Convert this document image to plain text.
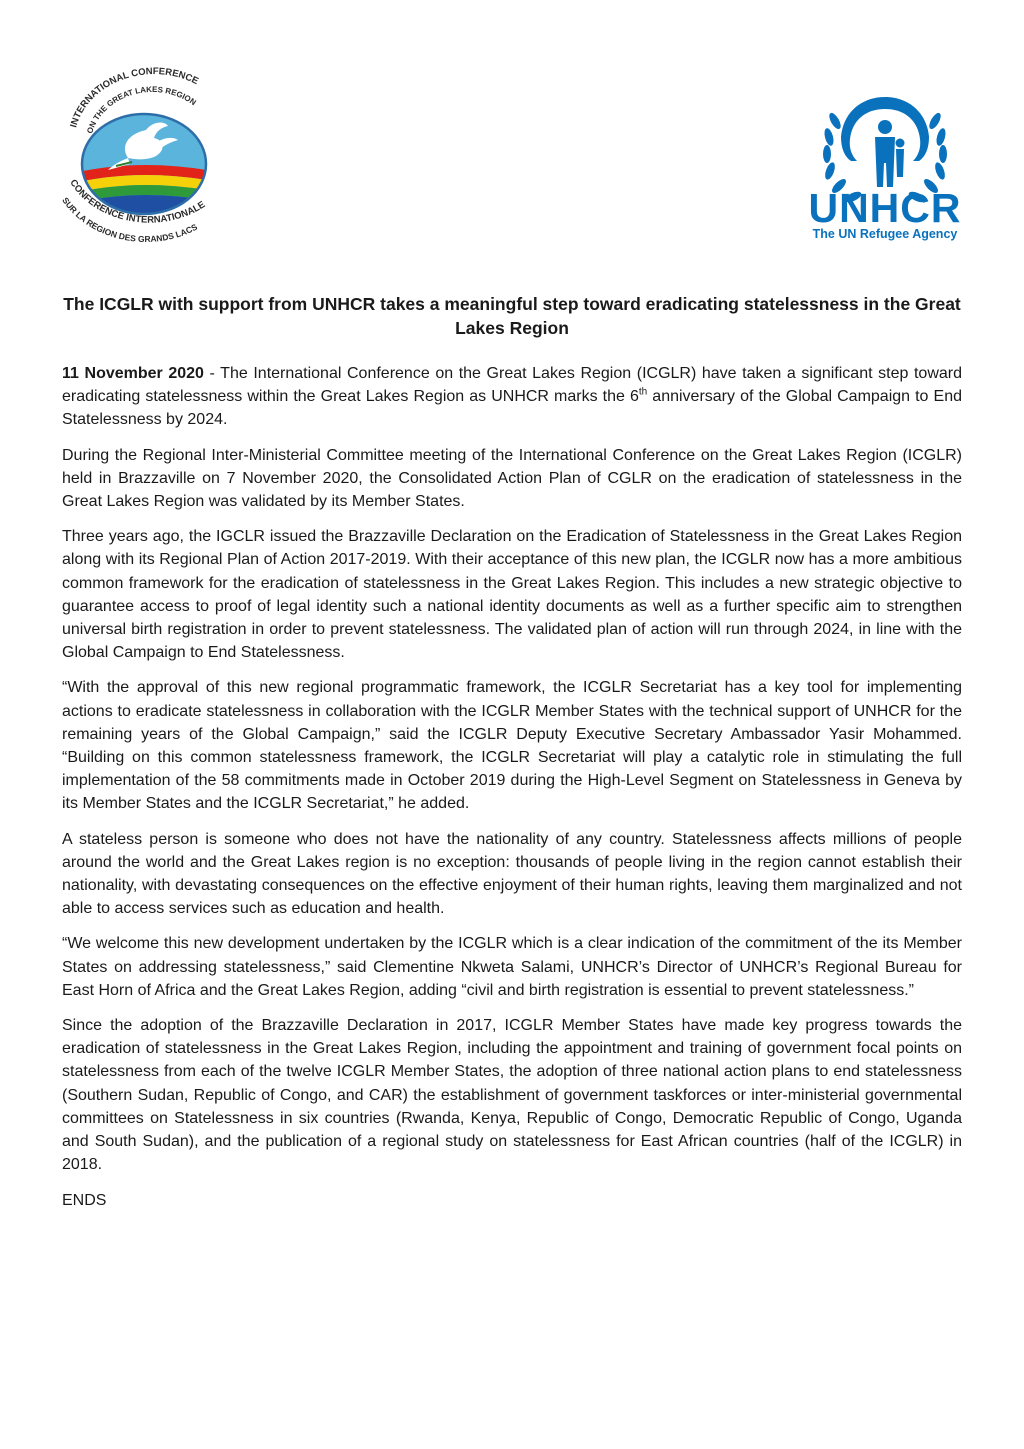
INTERNATIONAL CONFERENCE
ON THE GREAT LAKES REGION
CONFERENCE INTERNATIONALE
SUR LA REGION DES GRANDS LACS	UNHCR
The UN Refugee Agency
The ICGLR with support from UNHCR takes a meaningful step toward eradicating statelessness in the Great Lakes Region

11 November 2020 - The International Conference on the Great Lakes Region (ICGLR) have taken a significant step toward eradicating statelessness within the Great Lakes Region as UNHCR marks the 6th anniversary of the Global Campaign to End Statelessness by 2024.

During the Regional Inter-Ministerial Committee meeting of the International Conference on the Great Lakes Region (ICGLR) held in Brazzaville on 7 November 2020, the Consolidated Action Plan of CGLR on the eradication of statelessness in the Great Lakes Region was validated by its Member States.

Three years ago, the IGCLR issued the Brazzaville Declaration on the Eradication of Statelessness in the Great Lakes Region along with its Regional Plan of Action 2017-2019. With their acceptance of this new plan, the ICGLR now has a more ambitious common framework for the eradication of statelessness in the Great Lakes Region. This includes a new strategic objective to guarantee access to proof of legal identity such a national identity documents as well as a further specific aim to strengthen universal birth registration in order to prevent statelessness. The validated plan of action will run through 2024, in line with the Global Campaign to End Statelessness.

“With the approval of this new regional programmatic framework, the ICGLR Secretariat has a key tool for implementing actions to eradicate statelessness in collaboration with the ICGLR Member States with the technical support of UNHCR for the remaining years of the Global Campaign,” said the ICGLR Deputy Executive Secretary Ambassador Yasir Mohammed. “Building on this common statelessness framework, the ICGLR Secretariat will play a catalytic role in stimulating the full implementation of the 58 commitments made in October 2019 during the High-Level Segment on Statelessness in Geneva by its Member States and the ICGLR Secretariat,” he added.

A stateless person is someone who does not have the nationality of any country. Statelessness affects millions of people around the world and the Great Lakes region is no exception: thousands of people living in the region cannot establish their nationality, with devastating consequences on the effective enjoyment of their human rights, leaving them marginalized and not able to access services such as education and health.

“We welcome this new development undertaken by the ICGLR which is a clear indication of the commitment of the its Member States on addressing statelessness,” said Clementine Nkweta Salami, UNHCR’s Director of UNHCR’s Regional Bureau for East Horn of Africa and the Great Lakes Region, adding “civil and birth registration is essential to prevent statelessness.”

Since the adoption of the Brazzaville Declaration in 2017, ICGLR Member States have made key progress towards the eradication of statelessness in the Great Lakes Region, including the appointment and training of government focal points on statelessness from each of the twelve ICGLR Member States, the adoption of three national action plans to end statelessness (Southern Sudan, Republic of Congo, and CAR) the establishment of government taskforces or inter-ministerial governmental committees on Statelessness in six countries (Rwanda, Kenya, Republic of Congo, Democratic Republic of Congo, Uganda and South Sudan), and the publication of a regional study on statelessness for East African countries (half of the ICGLR) in 2018.

ENDS
